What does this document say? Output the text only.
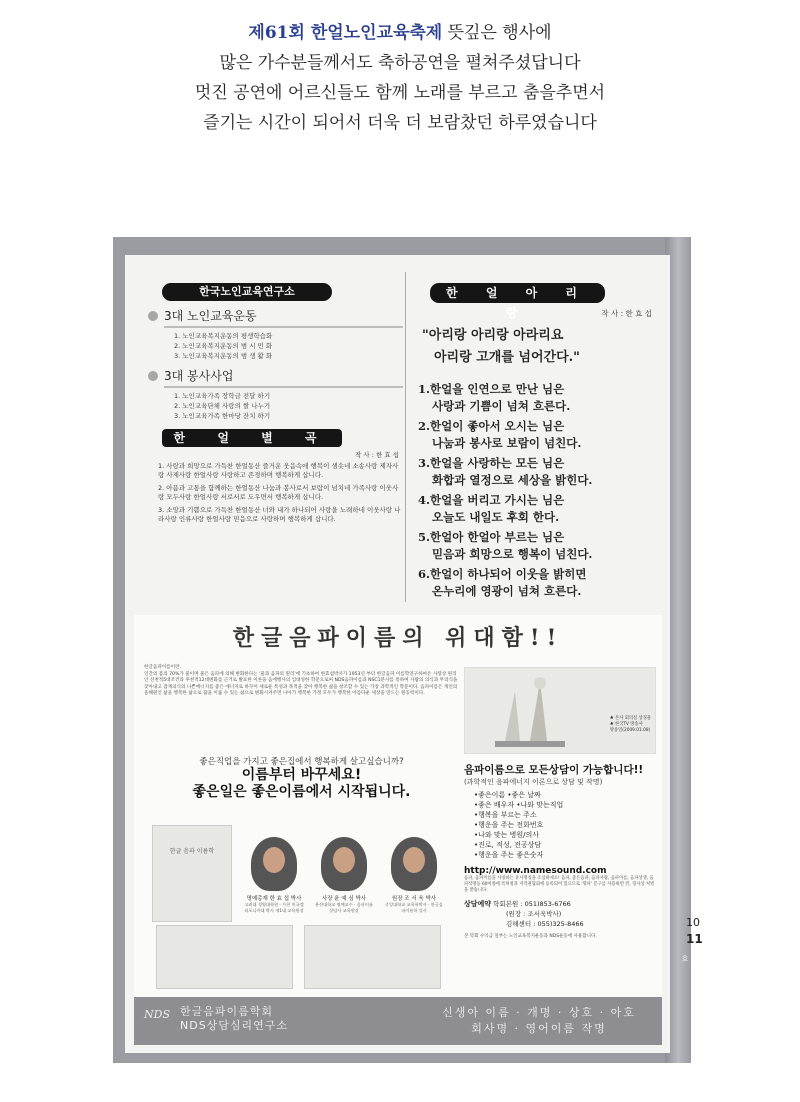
제61회 한얼노인교육축제 뜻깊은 행사에

많은 가수분들께서도 축하공연을 펼쳐주셨답니다

멋진 공연에 어르신들도 함께 노래를 부르고 춤을추면서

즐기는 시간이 되어서 더욱 더 보람찼던 하루였습니다

한국노인교육연구소 한얼노인대학 창간호
10
11
한국노인교육연구소
3대 노인교육운동
1. 노인교육복지운동의 평생학습화
2. 노인교육복지운동의 범 시 민 화
3. 노인교육복지운동의 범 생 활 화
3대 봉사사업
1. 노인교육가족 장학금 전달 하기
2. 노인교육단체 사랑의 쌀 나누기
3. 노인교육가족 한마당 잔치 하기
한 얼 별 곡
작 사 : 한 효 섭
1. 사랑과 희망으로 가득찬 한얼동산 즐거운 웃음속에 행복이 샘솟네 소송사랑 제자사랑 사제사랑 한얼사랑 사랑하고 존경하며 행복하게 삽니다.
2. 아픔과 고통을 함께하는 한얼동산 나눔과 봉사로서 보람이 넘치네 가족사랑 이웃사랑 모두사랑 한얼사랑 서로서로 도우면서 행복하게 삽니다.
3. 소망과 기쁨으로 가득찬 한얼동산 너와 내가 하나되어 사랑을 노래하네 이웃사랑 나라사랑 인류사랑 한얼사랑 믿음으로 사랑하며 행복하게 삽니다.
한 얼 아 리 랑	작 사 : 한 효 섭
"아리랑 아리랑 아라리요
아리랑 고개를 넘어간다."
1.한얼을 인연으로 만난 님은
사랑과 기쁨이 넘쳐 흐른다.
2.한얼이 좋아서 오시는 님은
나눔과 봉사로 보람이 넘친다.
3.한얼을 사랑하는 모든 님은
화합과 열정으로 세상을 밝힌다.
4.한얼을 버리고 가시는 님은
오늘도 내일도 후회 한다.
5.한얼아 한얼아 부르는 님은
믿음과 희망으로 행복이 넘친다.
6.한얼이 하나되어 이웃을 밝히면
온누리에 영광이 넘쳐 흐른다.
한글음파이름의 위대함!!
한글음파이름이란,
인간의 몸의 70%가 물이며 물은 음파에 의해 변화한다는 '물과 음파의 원리'에 기초하여 한효섭박사가 1953년 부터 한글음파 이름학연구하여온 사랑상 원리인 선천적5대조건과 후천적12대변화를 근거로 발표한 이론을 음에행사의 입대성한 학문으로써 NDS음파이름과 NSC1분사를 통하여 사람의 의식과 무의식을 찾아내고 잠재의식의 나쁜에너지를 좋은 에너지로 바꾸어 새로운 특성과 목적을 찾아 행복한 삶을 창조할 수 있는 가장 과학적인 학문이다. 음파이름은 개인의 올해원인 삶을 행복한 삶으로 꿈을 이룰 수 있는 삶으로 변화시켜주면 나아가 행복한 가정 모두가 행복한 아름다운 세상을 만드는 원동력이다.
좋은직업을 가지고 좋은집에서 행복하게 살고싶습니까?
이름부터 바꾸세요!
좋은일은 좋은이름에서 시작됩니다.
한글 음파 이름학
명예총재 한 효 섭 박사
고려대 경영대학원 · 가천 미국캘리포니아대 박사 제1대 교육원장
사장 윤 예 심 박사
용산대학교 명예교수 · 음파이름상담사 교육원장
원장 조 서 욱 박사
중앙대학교 교육학박사 · 한글음파이름학 강사
♣ 본사 회의실 상징물
♣ 한국TV 방송사
방송일(2009.01.08)
음파이름으로 모든상담이 가능합니다!!
(과학적인 음파에너지 이론으로 상담 및 작명)
•좋은이름 •좋은 날짜
•좋은 배우자 •나와 맞는직업
•행복을 부르는 주소
•행운을 주는 전화번호
•나와 맞는 병원/의사
•진로, 적성, 전공상담
•행운을 주는 좋은숫자
http://www.namesound.com
음파, 음파이름을 사칭하는 유사명칭을 조심하세요! 음파, 좋은음파, 음파사람, 음파이름, 음파상생, 음파작명등 60여종에 특허청과 저작권협회에 등록되어 있으므로 '명파' 문구를 사용하면 민, 형사상 처벌을 받습니다.
상담예약 학회본원 : 051)853-6766
(원장 : 조서욱박사)
김해센터 : 055)325-8466
본 학회 수익금 일부는 노인교육복지운동과 NDS운동에 사용합니다.
NDS 한글음파이름학회
NDS상담심리연구소
신생아 이름 · 개명 · 상호 · 아호
회사명 · 영어이름 작명
